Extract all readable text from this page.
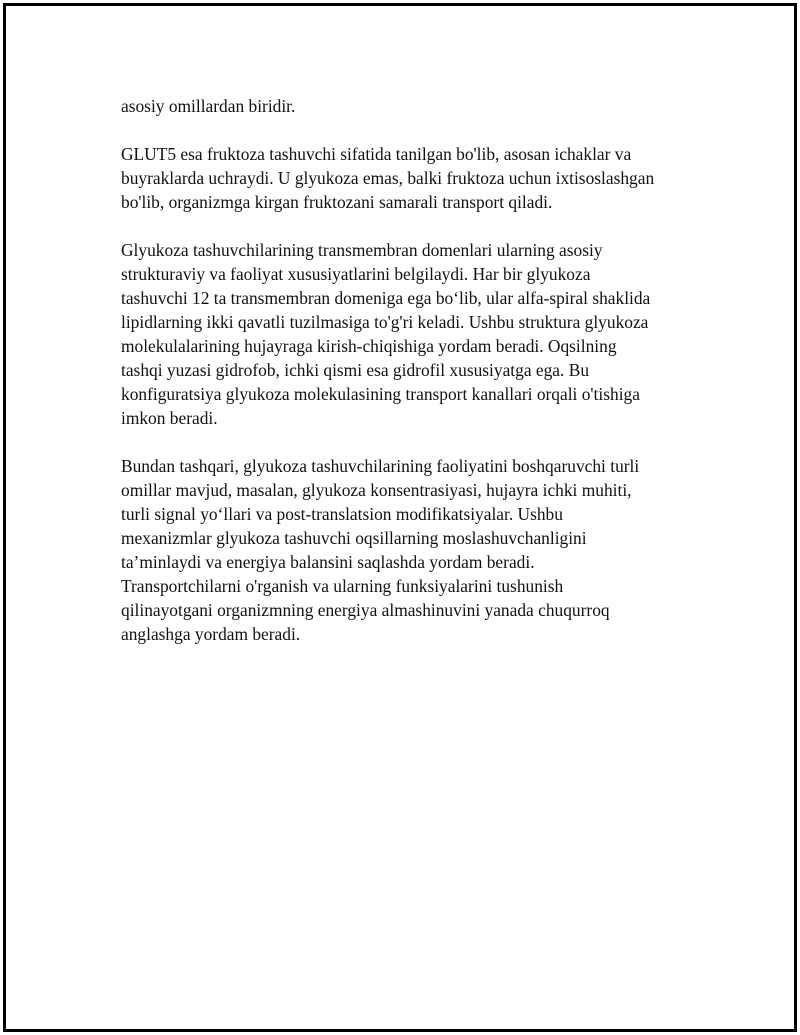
asosiy omillardan biridir.

GLUT5 esa fruktoza tashuvchi sifatida tanilgan bo'lib, asosan ichaklar va
buyraklarda uchraydi. U glyukoza emas, balki fruktoza uchun ixtisoslashgan
bo'lib, organizmga kirgan fruktozani samarali transport qiladi.

Glyukoza tashuvchilarining transmembran domenlari ularning asosiy
strukturaviy va faoliyat xususiyatlarini belgilaydi. Har bir glyukoza
tashuvchi 12 ta transmembran domeniga ega bo‘lib, ular alfa-spiral shaklida
lipidlarning ikki qavatli tuzilmasiga to'g'ri keladi. Ushbu struktura glyukoza
molekulalarining hujayraga kirish-chiqishiga yordam beradi. Oqsilning
tashqi yuzasi gidrofob, ichki qismi esa gidrofil xususiyatga ega. Bu
konfiguratsiya glyukoza molekulasining transport kanallari orqali o'tishiga
imkon beradi.

Bundan tashqari, glyukoza tashuvchilarining faoliyatini boshqaruvchi turli
omillar mavjud, masalan, glyukoza konsentrasiyasi, hujayra ichki muhiti,
turli signal yo‘llari va post-translatsion modifikatsiyalar. Ushbu
mexanizmlar glyukoza tashuvchi oqsillarning moslashuvchanligini
ta’minlaydi va energiya balansini saqlashda yordam beradi.
Transportchilarni o'rganish va ularning funksiyalarini tushunish
qilinayotgani organizmning energiya almashinuvini yanada chuqurroq
anglashga yordam beradi.
